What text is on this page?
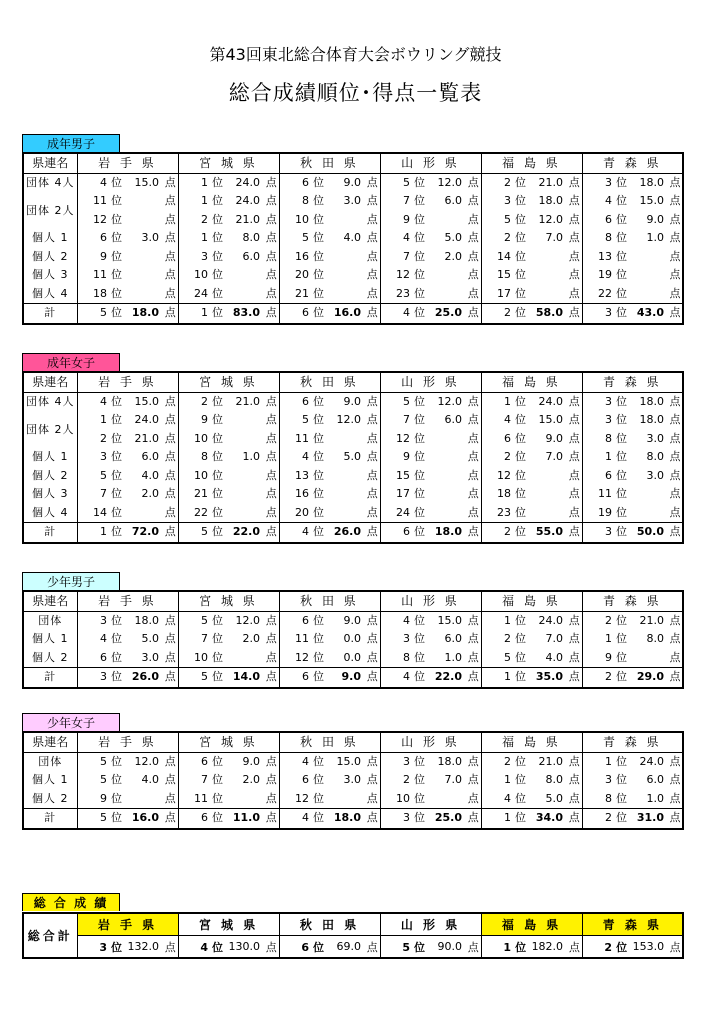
第43回東北総合体育大会ボウリング競技
総合成績順位･得点一覧表
成年男子
県連名	岩 手 県			宮 城 県			秋 田 県			山 形 県			福 島 県			青 森 県		
団体 4人	4 位	15.0	点	1 位	24.0	点	6 位	9.0	点	5 位	12.0	点	2 位	21.0	点	3 位	18.0	点
団体 2人	11 位		点	1 位	24.0	点	8 位	3.0	点	7 位	6.0	点	3 位	18.0	点	4 位	15.0	点
	12 位		点	2 位	21.0	点	10 位		点	9 位		点	5 位	12.0	点	6 位	9.0	点
個人 1	6 位	3.0	点	1 位	8.0	点	5 位	4.0	点	4 位	5.0	点	2 位	7.0	点	8 位	1.0	点
個人 2	9 位		点	3 位	6.0	点	16 位		点	7 位	2.0	点	14 位		点	13 位		点
個人 3	11 位		点	10 位		点	20 位		点	12 位		点	15 位		点	19 位		点
個人 4	18 位		点	24 位		点	21 位		点	23 位		点	17 位		点	22 位		点
計	5 位	18.0	点	1 位	83.0	点	6 位	16.0	点	4 位	25.0	点	2 位	58.0	点	3 位	43.0	点
成年女子
県連名	岩 手 県			宮 城 県			秋 田 県			山 形 県			福 島 県			青 森 県		
団体 4人	4 位	15.0	点	2 位	21.0	点	6 位	9.0	点	5 位	12.0	点	1 位	24.0	点	3 位	18.0	点
団体 2人	1 位	24.0	点	9 位		点	5 位	12.0	点	7 位	6.0	点	4 位	15.0	点	3 位	18.0	点
	2 位	21.0	点	10 位		点	11 位		点	12 位		点	6 位	9.0	点	8 位	3.0	点
個人 1	3 位	6.0	点	8 位	1.0	点	4 位	5.0	点	9 位		点	2 位	7.0	点	1 位	8.0	点
個人 2	5 位	4.0	点	10 位		点	13 位		点	15 位		点	12 位		点	6 位	3.0	点
個人 3	7 位	2.0	点	21 位		点	16 位		点	17 位		点	18 位		点	11 位		点
個人 4	14 位		点	22 位		点	20 位		点	24 位		点	23 位		点	19 位		点
計	1 位	72.0	点	5 位	22.0	点	4 位	26.0	点	6 位	18.0	点	2 位	55.0	点	3 位	50.0	点
少年男子
県連名	岩 手 県			宮 城 県			秋 田 県			山 形 県			福 島 県			青 森 県		
団体	3 位	18.0	点	5 位	12.0	点	6 位	9.0	点	4 位	15.0	点	1 位	24.0	点	2 位	21.0	点
個人 1	4 位	5.0	点	7 位	2.0	点	11 位	0.0	点	3 位	6.0	点	2 位	7.0	点	1 位	8.0	点
個人 2	6 位	3.0	点	10 位		点	12 位	0.0	点	8 位	1.0	点	5 位	4.0	点	9 位		点
計	3 位	26.0	点	5 位	14.0	点	6 位	9.0	点	4 位	22.0	点	1 位	35.0	点	2 位	29.0	点
少年女子
県連名	岩 手 県			宮 城 県			秋 田 県			山 形 県			福 島 県			青 森 県		
団体	5 位	12.0	点	6 位	9.0	点	4 位	15.0	点	3 位	18.0	点	2 位	21.0	点	1 位	24.0	点
個人 1	5 位	4.0	点	7 位	2.0	点	6 位	3.0	点	2 位	7.0	点	1 位	8.0	点	3 位	6.0	点
個人 2	9 位		点	11 位		点	12 位		点	10 位		点	4 位	5.0	点	8 位	1.0	点
計	5 位	16.0	点	6 位	11.0	点	4 位	18.0	点	3 位	25.0	点	1 位	34.0	点	2 位	31.0	点
総 合 成 績
総合計	岩 手 県			宮 城 県			秋 田 県			山 形 県			福 島 県			青 森 県		
	3 位	132.0	点	4 位	130.0	点	6 位	69.0	点	5 位	90.0	点	1 位	182.0	点	2 位	153.0	点
